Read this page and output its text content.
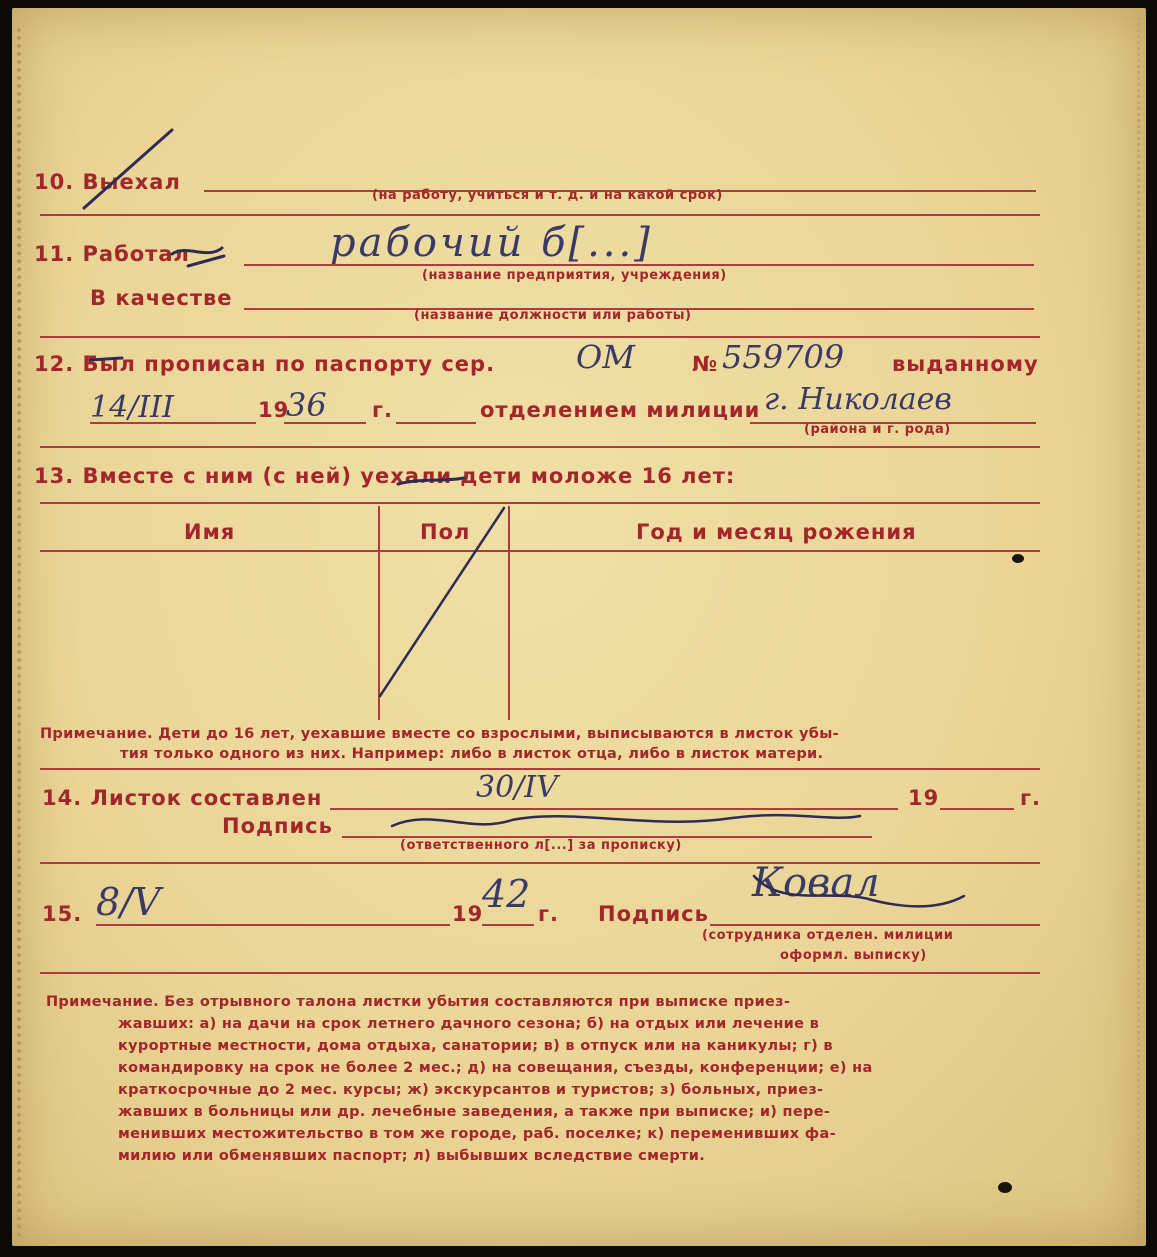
10. Выехал
(на работу, учиться и т. д. и на какой срок)
11. Работал	рабочий б[...]
(название предприятия, учреждения)
В качестве
(название должности или работы)
12. Был прописан по паспорту сер.	ОМ	№ 559709 выданному
14/III	19
36 г.	отделением милиции г. Николаев
(района и г. рода)
13. Вместе с ним (с ней) уехали дети моложе 16 лет:
Имя	Пол	Год и месяц рожения
Примечание. Дети до 16 лет, уехавшие вместе со взрослыми, выписываются в листок убы-
тия только одного из них. Например: либо в листок отца, либо в листок матери.
14. Листок составлен	30/IV	19	г.
Подпись
(ответственного л[...] за прописку)
15. 8/V	19
42 г. Подпись
Ковал
(сотрудника отделен. милиции
оформл. выписку)
Примечание. Без отрывного талона листки убытия составляются при выписке приез-
жавших: а) на дачи на срок летнего дачного сезона; б) на отдых или лечение в
курортные местности, дома отдыха, санатории; в) в отпуск или на каникулы; г) в
командировку на срок не более 2 мес.; д) на совещания, съезды, конференции; е) на
краткосрочные до 2 мес. курсы; ж) экскурсантов и туристов; з) больных, приез-
жавших в больницы или др. лечебные заведения, а также при выписке; и) пере-
менивших местожительство в том же городе, раб. поселке; к) переменивших фа-
милию или обменявших паспорт; л) выбывших вследствие смерти.
